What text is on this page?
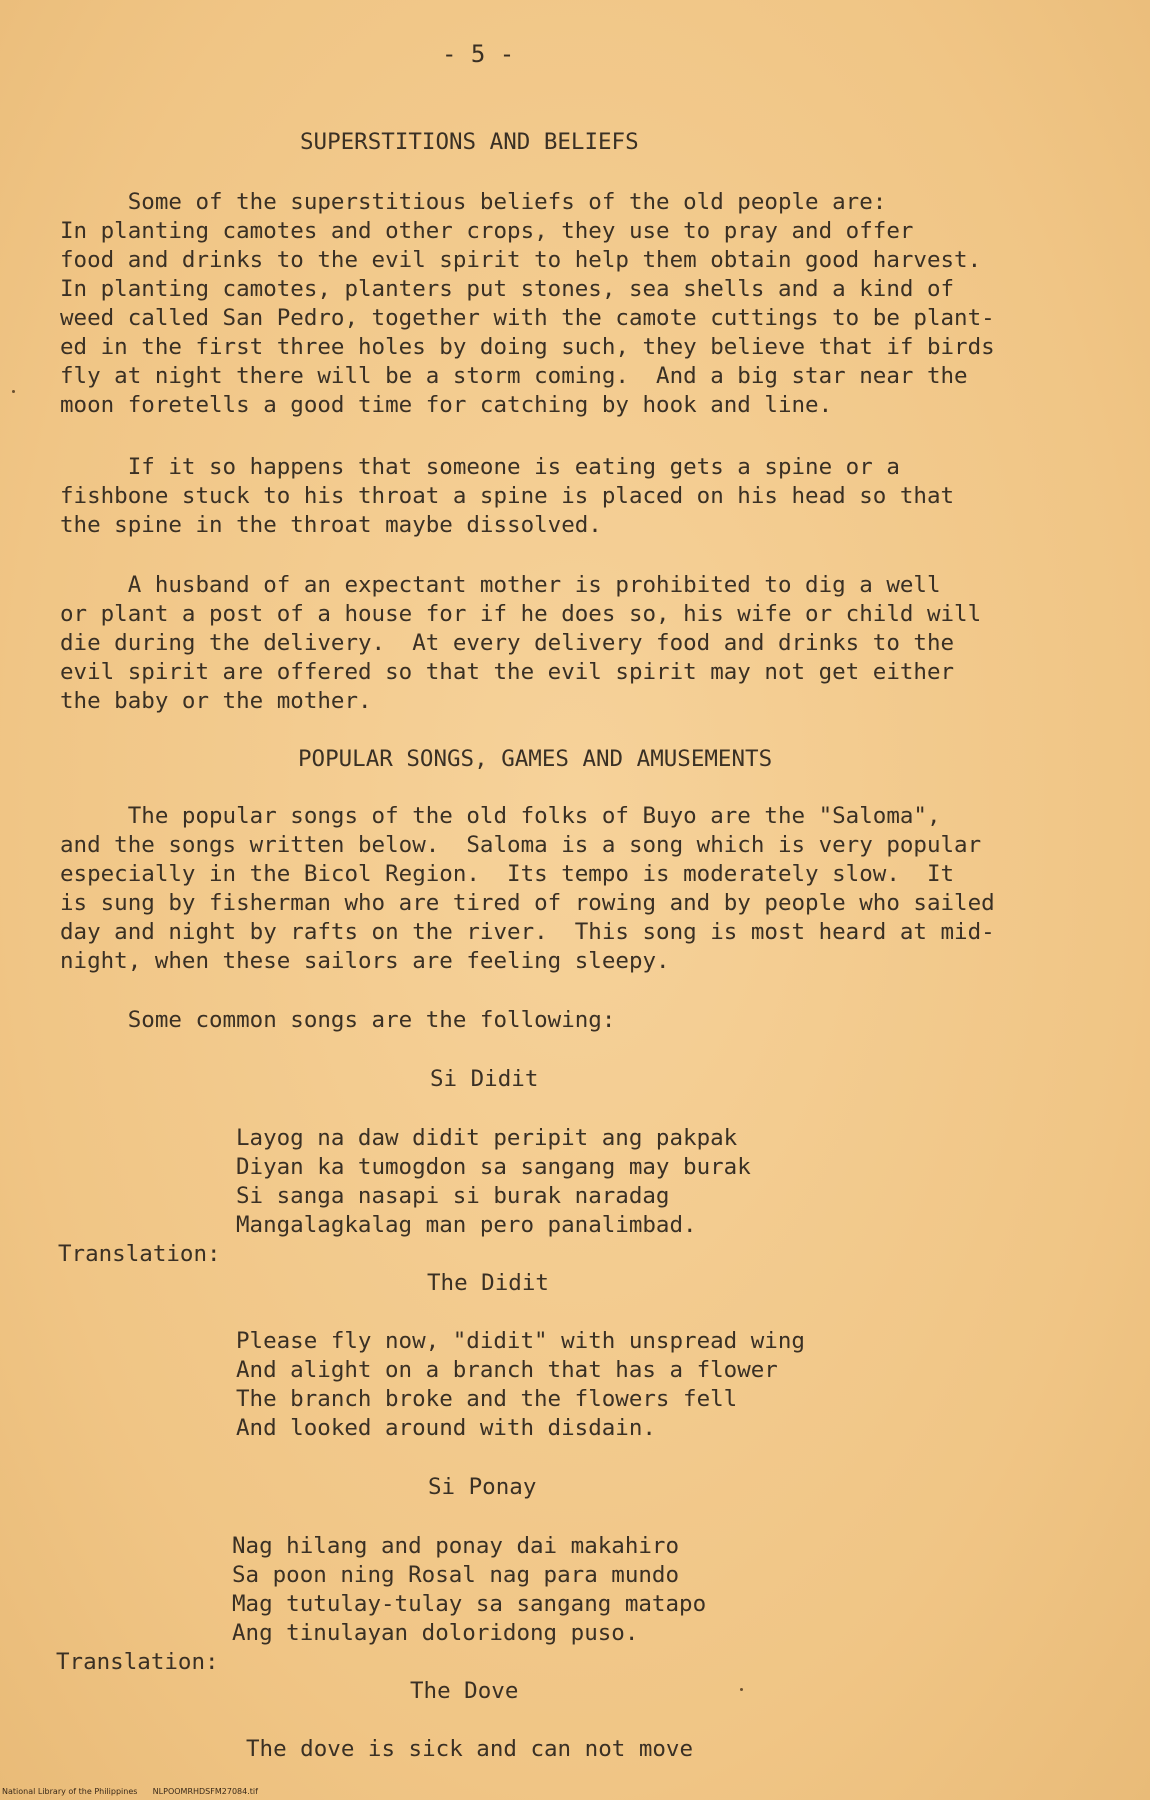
- 5 -
SUPERSTITIONS AND BELIEFS
Some of the superstitious beliefs of the old people are:
In planting camotes and other crops, they use to pray and offer
food and drinks to the evil spirit to help them obtain good harvest.
In planting camotes, planters put stones, sea shells and a kind of
weed called San Pedro, together with the camote cuttings to be plant-
ed in the first three holes by doing such, they believe that if birds
fly at night there will be a storm coming.  And a big star near the
moon foretells a good time for catching by hook and line.
If it so happens that someone is eating gets a spine or a
fishbone stuck to his throat a spine is placed on his head so that
the spine in the throat maybe dissolved.
A husband of an expectant mother is prohibited to dig a well
or plant a post of a house for if he does so, his wife or child will
die during the delivery.  At every delivery food and drinks to the
evil spirit are offered so that the evil spirit may not get either
the baby or the mother.
POPULAR SONGS, GAMES AND AMUSEMENTS
The popular songs of the old folks of Buyo are the "Saloma",
and the songs written below.  Saloma is a song which is very popular
especially in the Bicol Region.  Its tempo is moderately slow.  It
is sung by fisherman who are tired of rowing and by people who sailed
day and night by rafts on the river.  This song is most heard at mid-
night, when these sailors are feeling sleepy.
Some common songs are the following:
Si Didit
Layog na daw didit peripit ang pakpak
Diyan ka tumogdon sa sangang may burak
Si sanga nasapi si burak naradag
Mangalagkalag man pero panalimbad.
Translation:
The Didit
Please fly now, "didit" with unspread wing
And alight on a branch that has a flower
The branch broke and the flowers fell
And looked around with disdain.
Si Ponay
Nag hilang and ponay dai makahiro
Sa poon ning Rosal nag para mundo
Mag tutulay-tulay sa sangang matapo
Ang tinulayan doloridong puso.
Translation:
The Dove
The dove is sick and can not move
National Library of the Philippines      NLPOOMRHDSFM27084.tif
